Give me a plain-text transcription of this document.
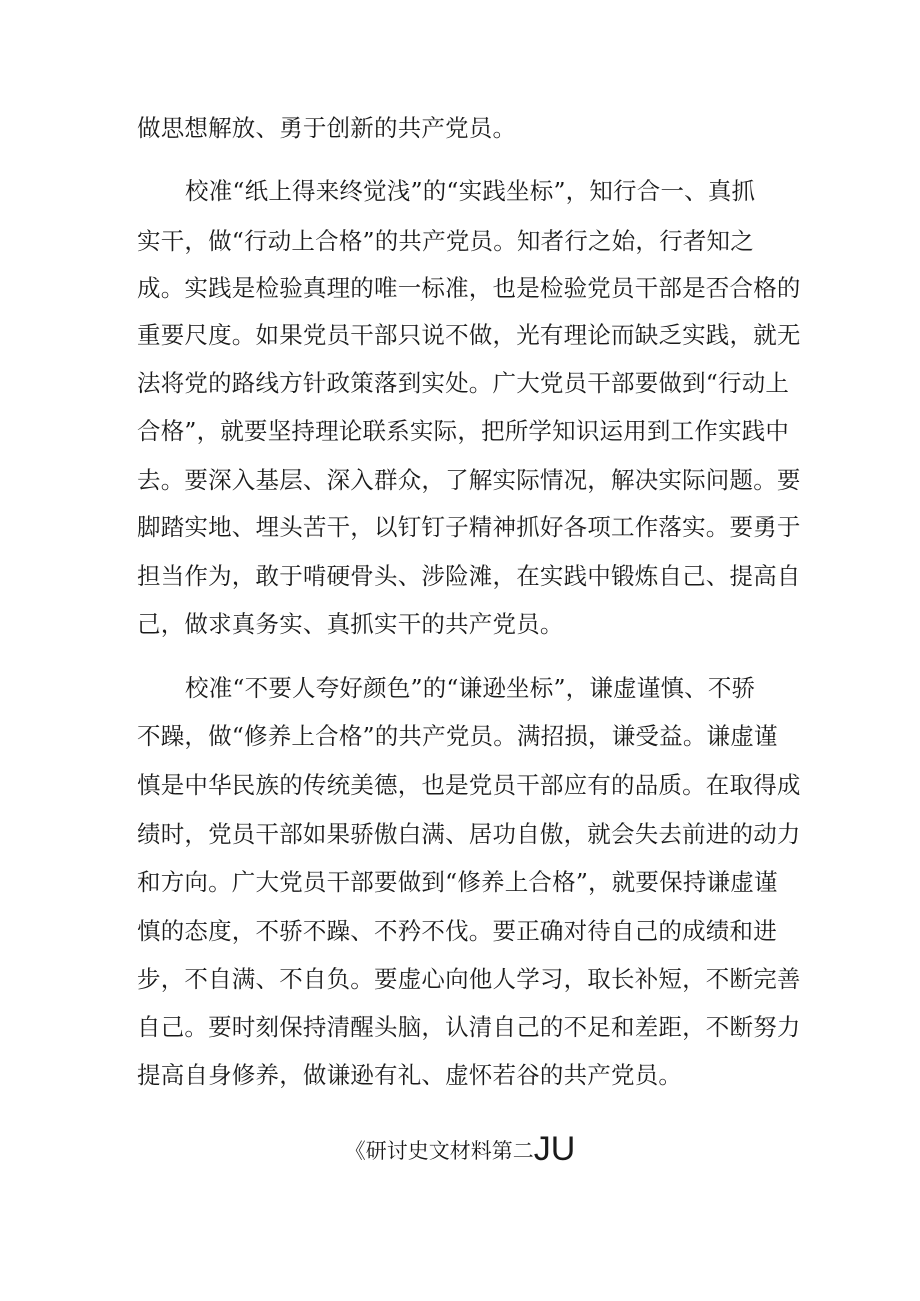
做思想解放、勇于创新的共产党员。
校准“纸上得来终觉浅”的“实践坐标”，知行合一、真抓
实干，做“行动上合格”的共产党员。知者行之始，行者知之
成。实践是检验真理的唯一标准，也是检验党员干部是否合格的
重要尺度。如果党员干部只说不做，光有理论而缺乏实践，就无
法将党的路线方针政策落到实处。广大党员干部要做到“行动上
合格”，就要坚持理论联系实际，把所学知识运用到工作实践中
去。要深入基层、深入群众，了解实际情况，解决实际问题。要
脚踏实地、埋头苦干，以钉钉子精神抓好各项工作落实。要勇于
担当作为，敢于啃硬骨头、涉险滩，在实践中锻炼自己、提高自
己，做求真务实、真抓实干的共产党员。
校准“不要人夸好颜色”的“谦逊坐标”，谦虚谨慎、不骄
不躁，做“修养上合格”的共产党员。满招损，谦受益。谦虚谨
慎是中华民族的传统美德，也是党员干部应有的品质。在取得成
绩时，党员干部如果骄傲白满、居功自傲，就会失去前进的动力
和方向。广大党员干部要做到“修养上合格”，就要保持谦虚谨
慎的态度，不骄不躁、不矜不伐。要正确对待自己的成绩和进
步，不自满、不自负。要虚心向他人学习，取长补短，不断完善
自己。要时刻保持清醒头脑，认清自己的不足和差距，不断努力
提高自身修养，做谦逊有礼、虚怀若谷的共产党员。
《研讨史文材料第二JU
